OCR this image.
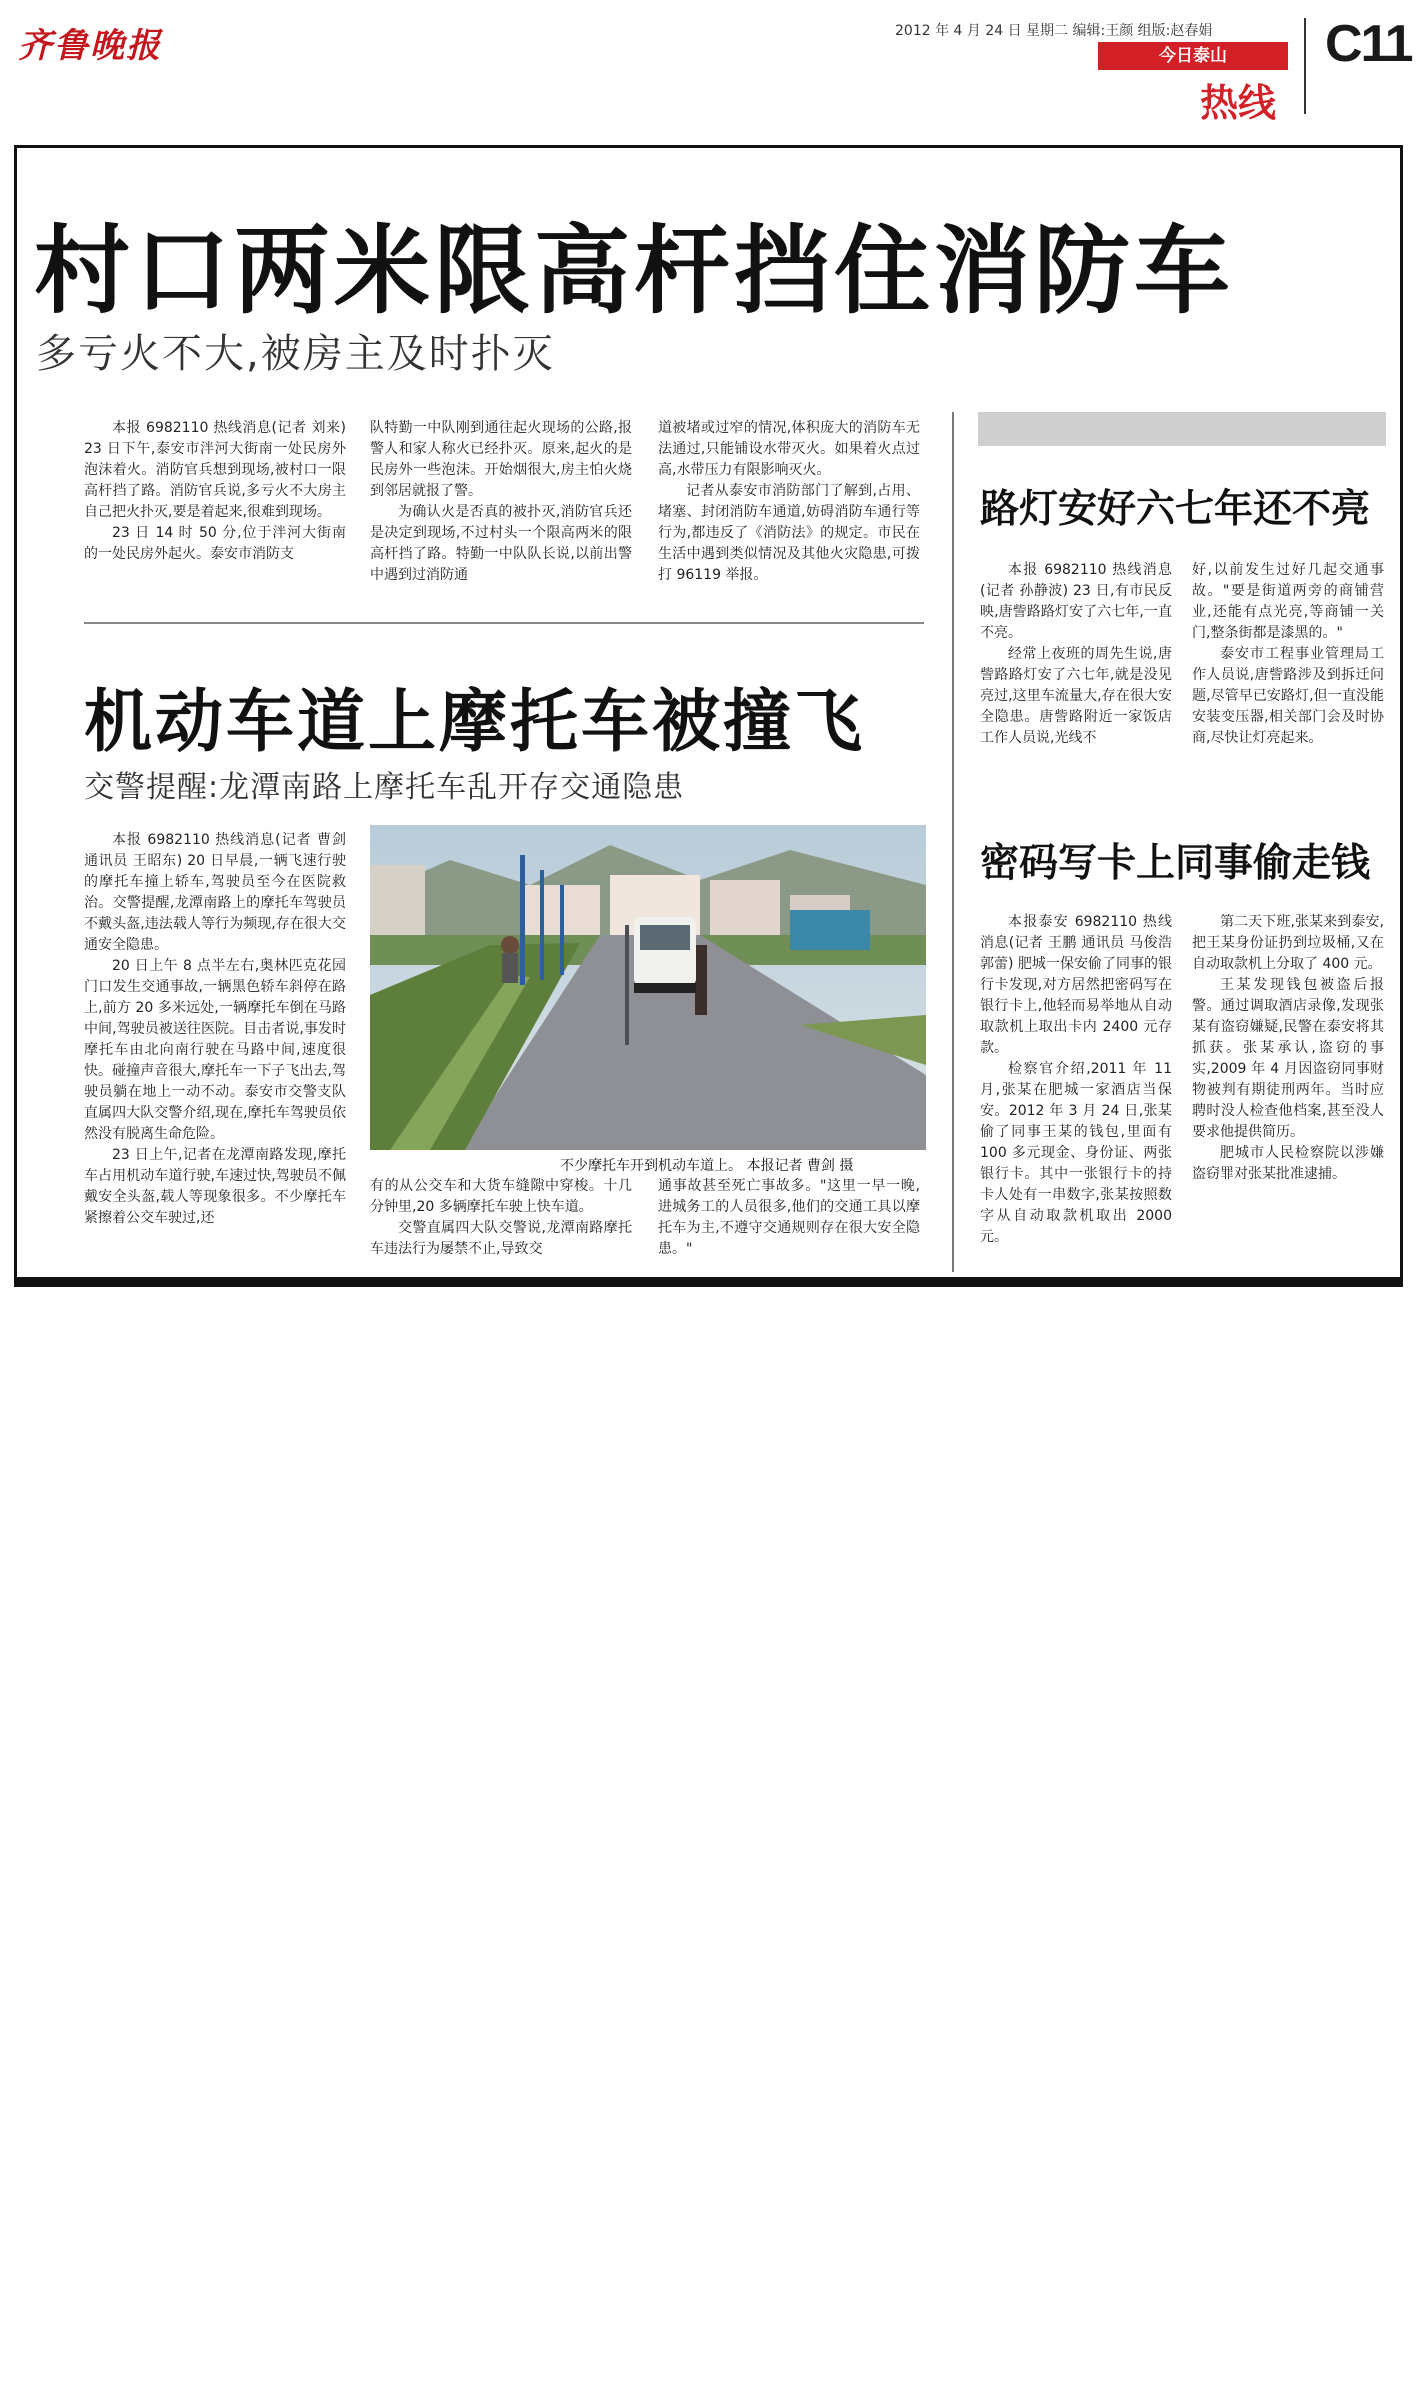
齐鲁晚报	2012 年 4 月 24 日 星期二 编辑:王颜 组版:赵春娟
今日泰山
热线
C11
村口两米限高杆挡住消防车
多亏火不大,被房主及时扑灭

本报 6982110 热线消息(记者 刘来) 23 日下午,泰安市泮河大街南一处民房外泡沫着火。消防官兵想到现场,被村口一限高杆挡了路。消防官兵说,多亏火不大房主自己把火扑灭,要是着起来,很难到现场。

23 日 14 时 50 分,位于泮河大街南的一处民房外起火。泰安市消防支

队特勤一中队刚到通往起火现场的公路,报警人和家人称火已经扑灭。原来,起火的是民房外一些泡沫。开始烟很大,房主怕火烧到邻居就报了警。

为确认火是否真的被扑灭,消防官兵还是决定到现场,不过村头一个限高两米的限高杆挡了路。特勤一中队队长说,以前出警中遇到过消防通

道被堵或过窄的情况,体积庞大的消防车无法通过,只能铺设水带灭火。如果着火点过高,水带压力有限影响灭火。

记者从泰安市消防部门了解到,占用、堵塞、封闭消防车通道,妨碍消防车通行等行为,都违反了《消防法》的规定。市民在生活中遇到类似情况及其他火灾隐患,可拨打 96119 举报。

机动车道上摩托车被撞飞
交警提醒:龙潭南路上摩托车乱开存交通隐患

本报 6982110 热线消息(记者 曹剑 通讯员 王昭东) 20 日早晨,一辆飞速行驶的摩托车撞上轿车,驾驶员至今在医院救治。交警提醒,龙潭南路上的摩托车驾驶员不戴头盔,违法载人等行为频现,存在很大交通安全隐患。

20 日上午 8 点半左右,奥林匹克花园门口发生交通事故,一辆黑色轿车斜停在路上,前方 20 多米远处,一辆摩托车倒在马路中间,驾驶员被送往医院。目击者说,事发时摩托车由北向南行驶在马路中间,速度很快。碰撞声音很大,摩托车一下子飞出去,驾驶员躺在地上一动不动。泰安市交警支队直属四大队交警介绍,现在,摩托车驾驶员依然没有脱离生命危险。

23 日上午,记者在龙潭南路发现,摩托车占用机动车道行驶,车速过快,驾驶员不佩戴安全头盔,载人等现象很多。不少摩托车紧擦着公交车驶过,还

不少摩托车开到机动车道上。 本报记者 曹剑 摄

有的从公交车和大货车缝隙中穿梭。十几分钟里,20 多辆摩托车驶上快车道。

交警直属四大队交警说,龙潭南路摩托车违法行为屡禁不止,导致交

通事故甚至死亡事故多。"这里一早一晚,进城务工的人员很多,他们的交通工具以摩托车为主,不遵守交通规则存在很大安全隐患。"

路灯安好六七年还不亮

本报 6982110 热线消息(记者 孙静波) 23 日,有市民反映,唐訾路路灯安了六七年,一直不亮。

经常上夜班的周先生说,唐訾路路灯安了六七年,就是没见亮过,这里车流量大,存在很大安全隐患。唐訾路附近一家饭店工作人员说,光线不

好,以前发生过好几起交通事故。"要是街道两旁的商铺营业,还能有点光亮,等商铺一关门,整条街都是漆黑的。"

泰安市工程事业管理局工作人员说,唐訾路涉及到拆迁问题,尽管早已安路灯,但一直没能安装变压器,相关部门会及时协商,尽快让灯亮起来。

密码写卡上同事偷走钱

本报泰安 6982110 热线消息(记者 王鹏 通讯员 马俊浩 郭蕾) 肥城一保安偷了同事的银行卡发现,对方居然把密码写在银行卡上,他轻而易举地从自动取款机上取出卡内 2400 元存款。

检察官介绍,2011 年 11 月,张某在肥城一家酒店当保安。2012 年 3 月 24 日,张某偷了同事王某的钱包,里面有 100 多元现金、身份证、两张银行卡。其中一张银行卡的持卡人处有一串数字,张某按照数字从自动取款机取出 2000 元。

第二天下班,张某来到泰安,把王某身份证扔到垃圾桶,又在自动取款机上分取了 400 元。

王某发现钱包被盗后报警。通过调取酒店录像,发现张某有盗窃嫌疑,民警在泰安将其抓获。张某承认,盗窃的事实,2009 年 4 月因盗窃同事财物被判有期徒刑两年。当时应聘时没人检查他档案,甚至没人要求他提供简历。

肥城市人民检察院以涉嫌盗窃罪对张某批准逮捕。
